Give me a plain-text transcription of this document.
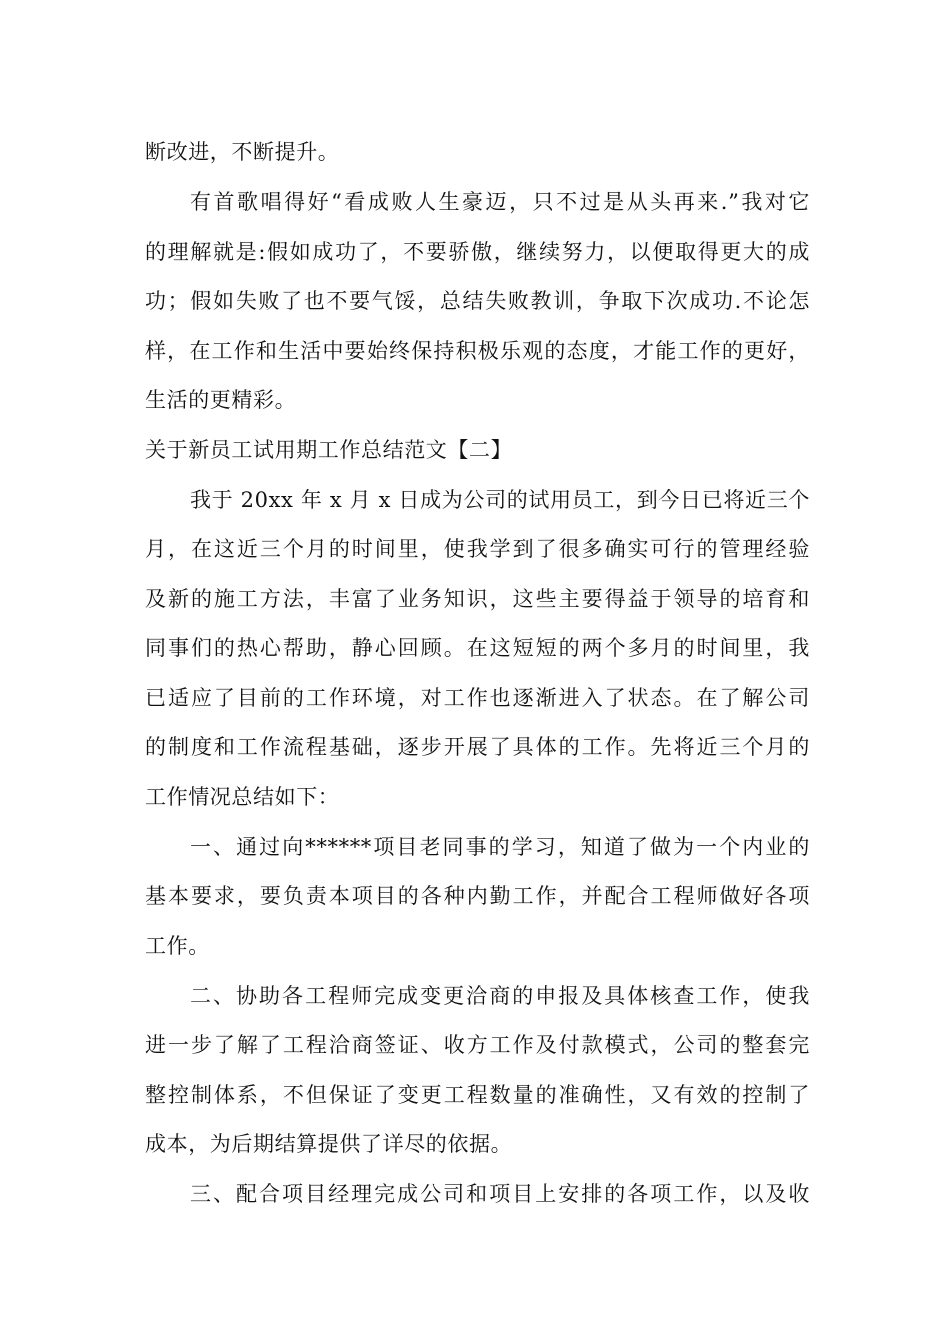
断改进，不断提升。

有首歌唱得好“看成败人生豪迈，只不过是从头再来.”我对它

的理解就是:假如成功了，不要骄傲，继续努力，以便取得更大的成

功；假如失败了也不要气馁，总结失败教训，争取下次成功.不论怎

样，在工作和生活中要始终保持积极乐观的态度，才能工作的更好，

生活的更精彩。

关于新员工试用期工作总结范文【二】

我于 20xx 年 x 月 x 日成为公司的试用员工，到今日已将近三个

月，在这近三个月的时间里，使我学到了很多确实可行的管理经验

及新的施工方法，丰富了业务知识，这些主要得益于领导的培育和

同事们的热心帮助，静心回顾。在这短短的两个多月的时间里，我

已适应了目前的工作环境，对工作也逐渐进入了状态。在了解公司

的制度和工作流程基础，逐步开展了具体的工作。先将近三个月的

工作情况总结如下：

一、通过向******项目老同事的学习，知道了做为一个内业的

基本要求，要负责本项目的各种内勤工作，并配合工程师做好各项

工作。

二、协助各工程师完成变更洽商的申报及具体核查工作，使我

进一步了解了工程洽商签证、收方工作及付款模式，公司的整套完

整控制体系，不但保证了变更工程数量的准确性，又有效的控制了

成本，为后期结算提供了详尽的依据。

三、配合项目经理完成公司和项目上安排的各项工作，以及收
